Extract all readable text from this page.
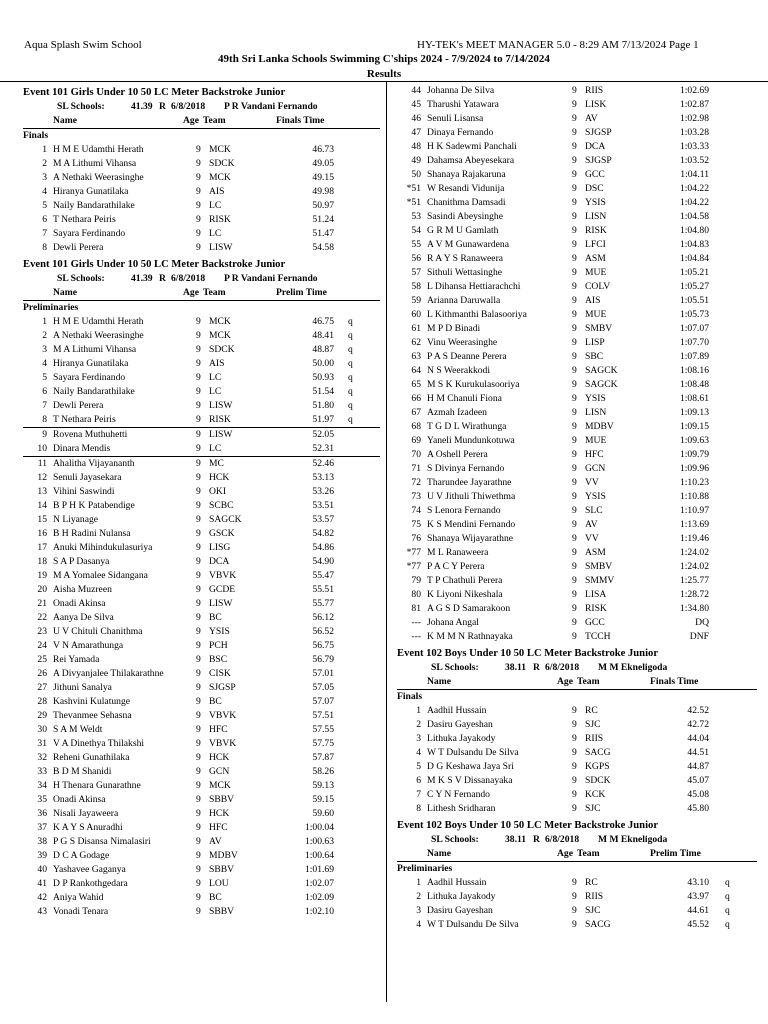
Aqua Splash Swim School	HY-TEK's MEET MANAGER 5.0 - 8:29 AM 7/13/2024 Page 1
49th Sri Lanka Schools Swimming C'ships 2024 - 7/9/2024 to 7/14/2024
Results
Event 101 Girls Under 10 50 LC Meter Backstroke Junior
SL Schools:	41.39 R 6/8/2018 P R Vandani Fernando
Name	Age Team	Finals Time
Finals
1 H M E Udamthi Herath	9 MCK	46.73
2 M A Lithumi Vihansa	9 SDCK	49.05
3 A Nethaki Weerasinghe	9 MCK	49.15
4 Hiranya Gunatilaka	9 AIS	49.98
5 Naily Bandarathilake	9 LC	50.97
6 T Nethara Peiris	9 RISK	51.24
7 Sayara Ferdinando	9 LC	51.47
8 Dewli Perera	9 LISW	54.58
Event 101 Girls Under 10 50 LC Meter Backstroke Junior
SL Schools:	41.39 R 6/8/2018 P R Vandani Fernando
Name	Age Team	Prelim Time
Preliminaries
1 H M E Udamthi Herath	9 MCK	46.75 q
2 A Nethaki Weerasinghe	9 MCK	48.41 q
3 M A Lithumi Vihansa	9 SDCK	48.87 q
4 Hiranya Gunatilaka	9 AIS	50.00 q
5 Sayara Ferdinando	9 LC	50.93 q
6 Naily Bandarathilake	9 LC	51.54 q
7 Dewli Perera	9 LISW	51.80 q
8 T Nethara Peiris	9 RISK	51.97 q
9 Rovena Muthuhetti	9 LISW	52.05
10 Dinara Mendis	9 LC	52.31
11 Ahalitha Vijayananth	9 MC	52.46
12 Senuli Jayasekara	9 HCK	53.13
13 Vihini Saswindi	9 OKI	53.26
14 B P H K Patabendige	9 SCBC	53.51
15 N Liyanage	9 SAGCK	53.57
16 B H Radini Nulansa	9 GSCK	54.82
17 Anuki Mihindukulasuriya	9 LISG	54.86
18 S A P Dasanya	9 DCA	54.90
19 M A Yomalee Sidangana	9 VBVK	55.47
20 Aisha Muzreen	9 GCDE	55.51
21 Onadi Akinsa	9 LISW	55.77
22 Aanya De Silva	9 BC	56.12
23 U V Chituli Chanithma	9 YSIS	56.52
24 V N Amarathunga	9 PCH	56.75
25 Rei Yamada	9 BSC	56.79
26 A Divyanjalee Thilakarathne	9 CISK	57.01
27 Jithuni Sanalya	9 SJGSP	57.05
28 Kashvini Kulatunge	9 BC	57.07
29 Thevanmee Sehasna	9 VBVK	57.51
30 S A M Weldt	9 HFC	57.55
31 V A Dinethya Thilakshi	9 VBVK	57.75
32 Reheni Gunathilaka	9 HCK	57.87
33 B D M Shanidi	9 GCN	58.26
34 H Thenara Gunarathne	9 MCK	59.13
35 Onadi Akinsa	9 SBBV	59.15
36 Nisali Jayaweera	9 HCK	59.60
37 K A Y S Anuradhi	9 HFC	1:00.04
38 P G S Disansa Nimalasiri	9 AV	1:00.63
39 D C A Godage	9 MDBV	1:00.64
40 Yashavee Gaganya	9 SBBV	1:01.69
41 D P Rankothgedara	9 LOU	1:02.07
42 Aniya Wahid	9 BC	1:02.09
43 Vonadi Tenara	9 SBBV	1:02.10
44 Johanna De Silva	9 RIIS	1:02.69
45 Tharushi Yatawara	9 LISK	1:02.87
46 Senuli Lisansa	9 AV	1:02.98
47 Dinaya Fernando	9 SJGSP	1:03.28
48 H K Sadewmi Panchali	9 DCA	1:03.33
49 Dahamsa Abeyesekara	9 SJGSP	1:03.52
50 Shanaya Rajakaruna	9 GCC	1:04.11
*51 W Resandi Vidunija	9 DSC	1:04.22
*51 Chanithma Damsadi	9 YSIS	1:04.22
53 Sasindi Abeysinghe	9 LISN	1:04.58
54 G R M U Gamlath	9 RISK	1:04.80
55 A V M Gunawardena	9 LFCI	1:04.83
56 R A Y S Ranaweera	9 ASM	1:04.84
57 Sithuli Wettasinghe	9 MUE	1:05.21
58 L Dihansa Hettiarachchi	9 COLV	1:05.27
59 Arianna Daruwalla	9 AIS	1:05.51
60 L Kithmanthi Balasooriya	9 MUE	1:05.73
61 M P D Binadi	9 SMBV	1:07.07
62 Vinu Weerasinghe	9 LISP	1:07.70
63 P A S Deanne Perera	9 SBC	1:07.89
64 N S Weerakkodi	9 SAGCK	1:08.16
65 M S K Kurukulasooriya	9 SAGCK	1:08.48
66 H M Chanuli Fiona	9 YSIS	1:08.61
67 Azmah Izadeen	9 LISN	1:09.13
68 T G D L Wirathunga	9 MDBV	1:09.15
69 Yaneli Mundunkotuwa	9 MUE	1:09.63
70 A Oshell Perera	9 HFC	1:09.79
71 S Divinya Fernando	9 GCN	1:09.96
72 Tharundee Jayarathne	9 VV	1:10.23
73 U V Jithuli Thiwethma	9 YSIS	1:10.88
74 S Lenora Fernando	9 SLC	1:10.97
75 K S Mendini Fernando	9 AV	1:13.69
76 Shanaya Wijayarathne	9 VV	1:19.46
*77 M L Ranaweera	9 ASM	1:24.02
*77 P A C Y Perera	9 SMBV	1:24.02
79 T P Chathuli Perera	9 SMMV	1:25.77
80 K Liyoni Nikeshala	9 LISA	1:28.72
81 A G S D Samarakoon	9 RISK	1:34.80
--- Johana Angal	9 GCC	DQ
--- K M M N Rathnayaka	9 TCCH	DNF
Event 102 Boys Under 10 50 LC Meter Backstroke Junior
SL Schools:	38.11 R 6/8/2018 M M Ekneligoda
Name	Age Team	Finals Time
Finals
1 Aadhil Hussain	9 RC	42.52
2 Dasiru Gayeshan	9 SJC	42.72
3 Lithuka Jayakody	9 RIIS	44.04
4 W T Dulsandu De Silva	9 SACG	44.51
5 D G Keshawa Jaya Sri	9 KGPS	44.87
6 M K S V Dissanayaka	9 SDCK	45.07
7 C Y N Fernando	9 KCK	45.08
8 Lithesh Sridharan	9 SJC	45.80
Event 102 Boys Under 10 50 LC Meter Backstroke Junior
SL Schools:	38.11 R 6/8/2018 M M Ekneligoda
Name	Age Team	Prelim Time
Preliminaries
1 Aadhil Hussain	9 RC	43.10 q
2 Lithuka Jayakody	9 RIIS	43.97 q
3 Dasiru Gayeshan	9 SJC	44.61 q
4 W T Dulsandu De Silva	9 SACG	45.52 q
